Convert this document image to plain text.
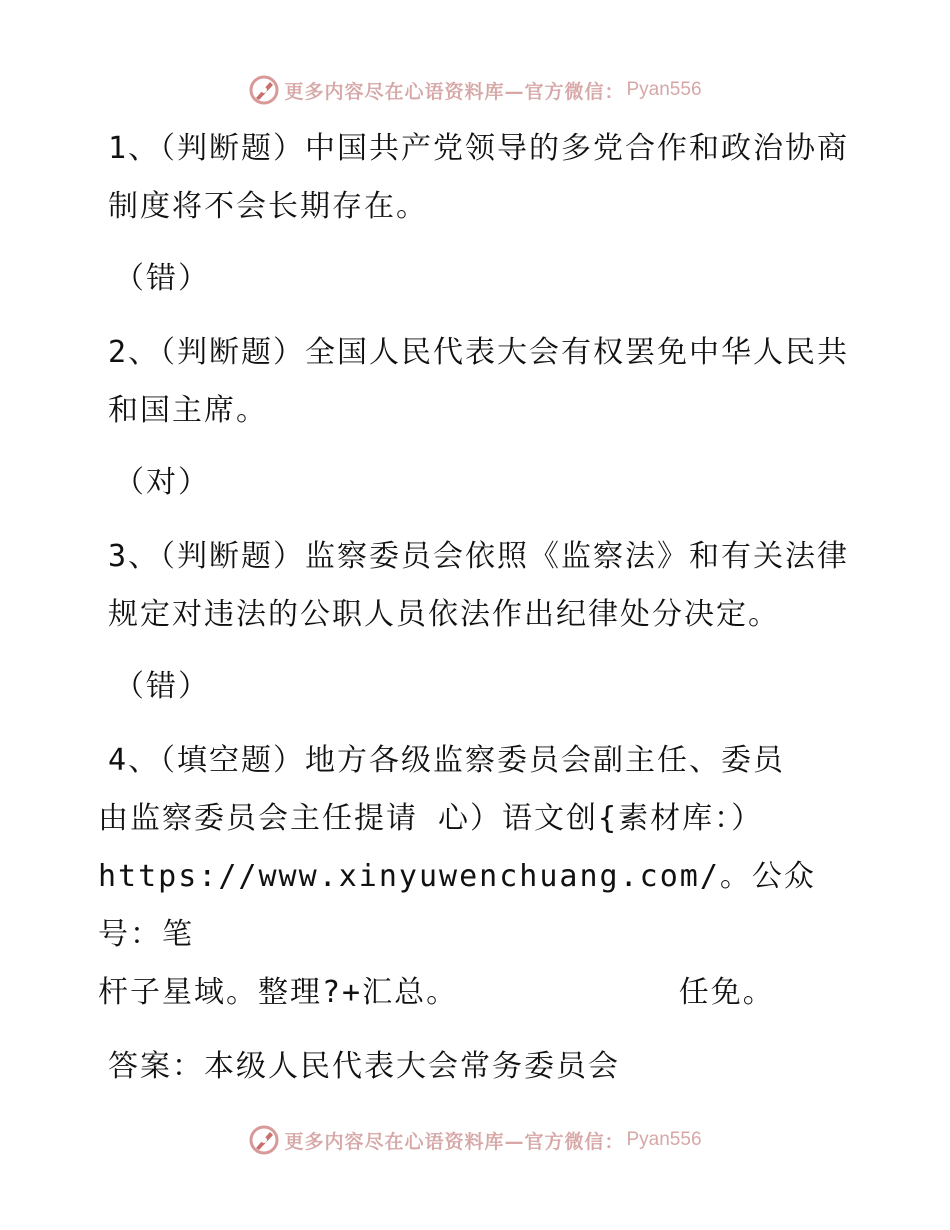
更多内容尽在心语资料库—官方微信： Pyan556

1、（判断题）中国共产党领导的多党合作和政治协商制度将不会长期存在。

（错）

2、（判断题）全国人民代表大会有权罢免中华人民共和国主席。

（对）

3、（判断题）监察委员会依照《监察法》和有关法律规定对违法的公职人员依法作出纪律处分决定。

（错）

4、（填空题）地方各级监察委员会副主任、委员

由监察委员会主任提请 心）语文创{素材库：）

https://www.xinyuwenchuang.com/。公众号：笔

杆子星域。整理?+汇总。           任免。

答案：本级人民代表大会常务委员会

更多内容尽在心语资料库—官方微信： Pyan556
